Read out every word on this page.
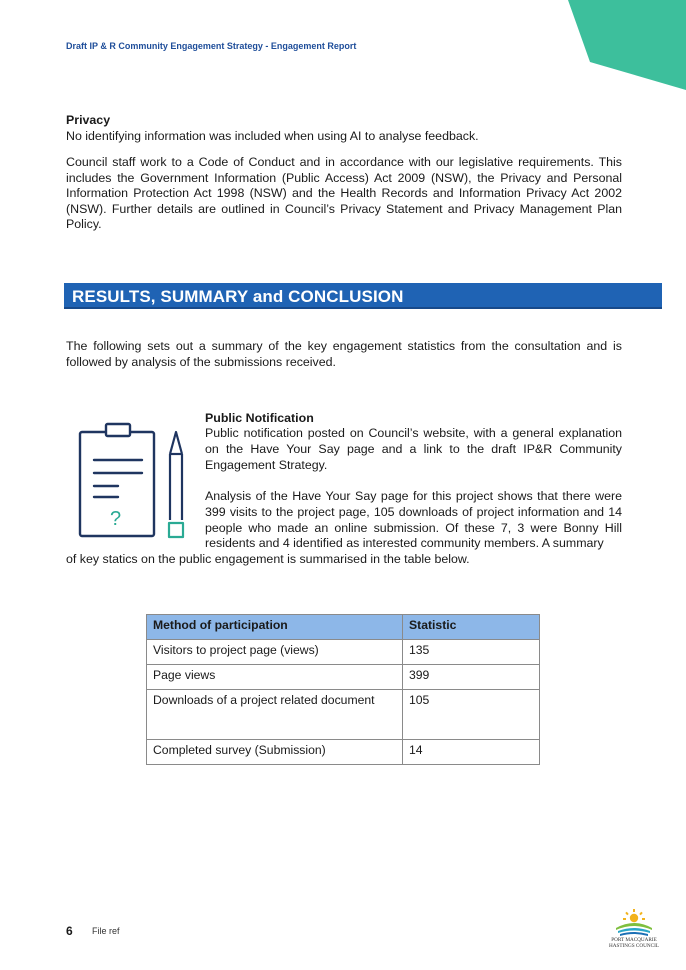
Draft IP & R Community Engagement Strategy - Engagement Report
Privacy
No identifying information was included when using AI to analyse feedback.
Council staff work to a Code of Conduct and in accordance with our legislative requirements. This includes the Government Information (Public Access) Act 2009 (NSW), the Privacy and Personal Information Protection Act 1998 (NSW) and the Health Records and Information Privacy Act 2002 (NSW). Further details are outlined in Council’s Privacy Statement and Privacy Management Plan Policy.
RESULTS, SUMMARY and CONCLUSION
The following sets out a summary of the key engagement statistics from the consultation and is followed by analysis of the submissions received.
?
Public Notification
Public notification posted on Council’s website, with a general explanation on the Have Your Say page and a link to the draft IP&R Community Engagement Strategy.
Analysis of the Have Your Say page for this project shows that there were 399 visits to the project page, 105 downloads of project information and 14 people who made an online submission. Of these 7, 3 were Bonny Hill residents and 4 identified as interested community members. A summary
of key statics on the public engagement is summarised in the table below.
Method of participation	Statistic
Visitors to project page (views)	135
Page views	399
Downloads of a project related document	105
Completed survey (Submission)	14
6 File ref
PORT MACQUARIE
HASTINGS COUNCIL
